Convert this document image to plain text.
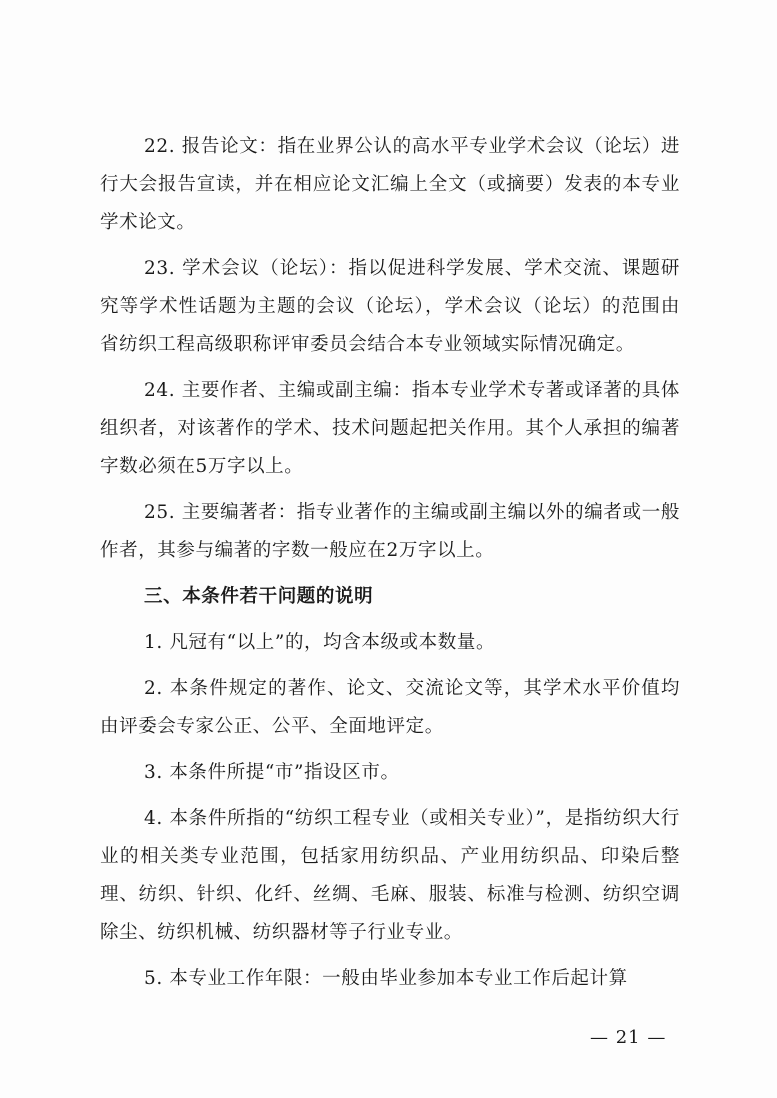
22. 报告论文：指在业界公认的高水平专业学术会议（论坛）进行大会报告宣读，并在相应论文汇编上全文（或摘要）发表的本专业学术论文。

23. 学术会议（论坛）：指以促进科学发展、学术交流、课题研究等学术性话题为主题的会议（论坛），学术会议（论坛）的范围由省纺织工程高级职称评审委员会结合本专业领域实际情况确定。

24. 主要作者、主编或副主编：指本专业学术专著或译著的具体组织者，对该著作的学术、技术问题起把关作用。其个人承担的编著字数必须在5万字以上。

25. 主要编著者：指专业著作的主编或副主编以外的编者或一般作者，其参与编著的字数一般应在2万字以上。

三、本条件若干问题的说明

1. 凡冠有“以上”的，均含本级或本数量。

2. 本条件规定的著作、论文、交流论文等，其学术水平价值均由评委会专家公正、公平、全面地评定。

3. 本条件所提“市”指设区市。

4. 本条件所指的“纺织工程专业（或相关专业）”，是指纺织大行业的相关类专业范围，包括家用纺织品、产业用纺织品、印染后整理、纺织、针织、化纤、丝绸、毛麻、服装、标准与检测、纺织空调除尘、纺织机械、纺织器材等子行业专业。

5. 本专业工作年限：一般由毕业参加本专业工作后起计算

— 21 —
